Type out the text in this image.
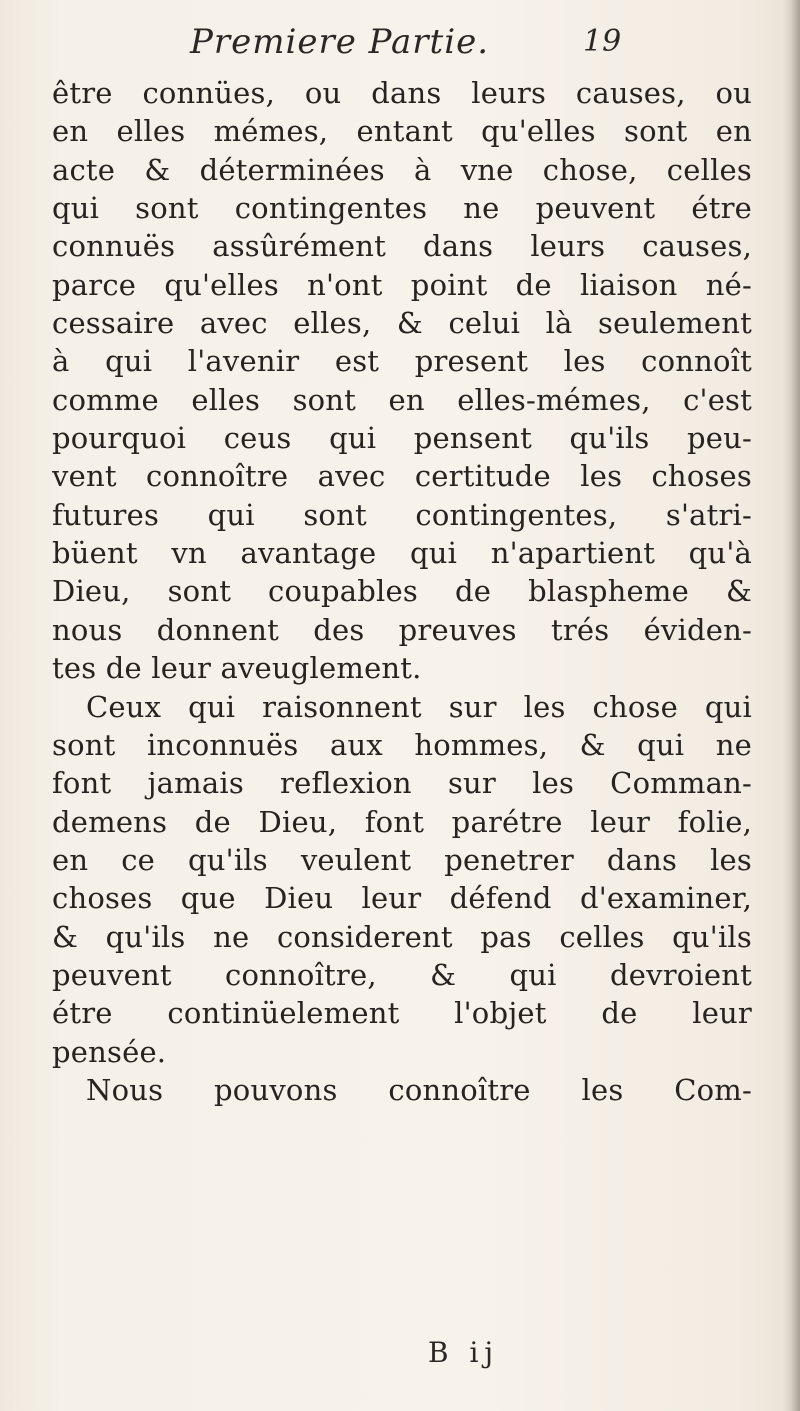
Premiere Partie.	19
être connües, ou dans leurs causes, ou
en elles mémes, entant qu'elles sont en
acte & déterminées à vne chose, celles
qui sont contingentes ne peuvent étre
connuës assûrément dans leurs causes,
parce qu'elles n'ont point de liaison né-
cessaire avec elles, & celui là seulement
à qui l'avenir est present les connoît
comme elles sont en elles-mémes, c'est
pourquoi ceus qui pensent qu'ils peu-
vent connoître avec certitude les choses
futures qui sont contingentes, s'atri-
büent vn avantage qui n'apartient qu'à
Dieu, sont coupables de blaspheme &
nous donnent des preuves trés éviden-
tes de leur aveuglement.
Ceux qui raisonnent sur les chose qui
sont inconnuës aux hommes, & qui ne
font jamais reflexion sur les Comman-
demens de Dieu, font parétre leur folie,
en ce qu'ils veulent penetrer dans les
choses que Dieu leur défend d'examiner,
& qu'ils ne considerent pas celles qu'ils
peuvent connoître, & qui devroient
étre continüelement l'objet de leur
pensée.
Nous pouvons connoître les Com-
B ij
